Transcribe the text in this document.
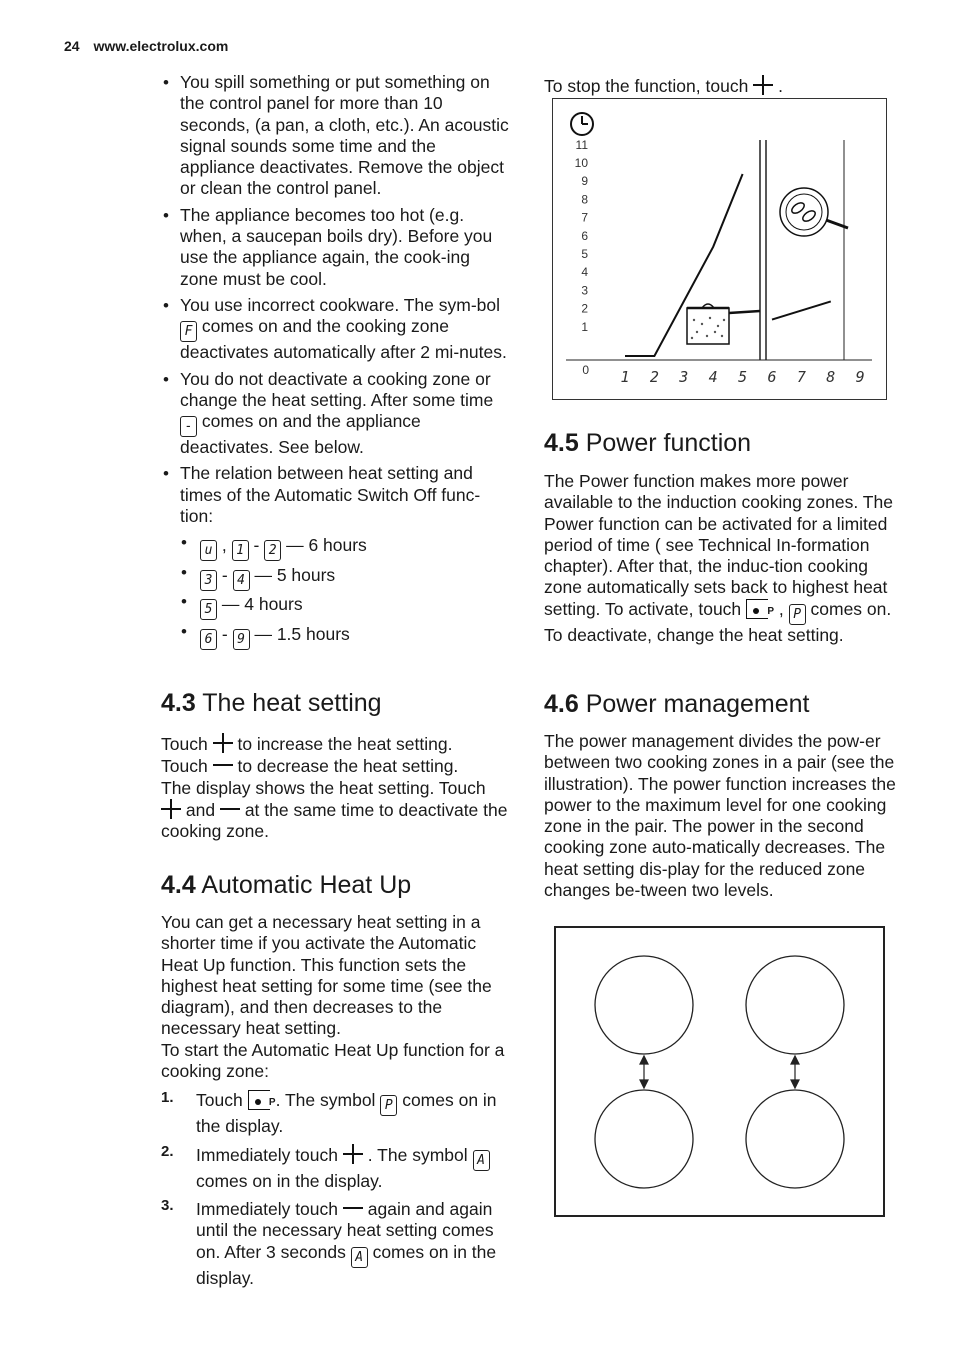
24 www.electrolux.com
• You spill something or put something on the control panel for more than 10 seconds, (a pan, a cloth, etc.). An acoustic signal sounds some time and the appliance deactivates. Remove the object or clean the control panel.
• The appliance becomes too hot (e.g. when, a saucepan boils dry). Before you use the appliance again, the cook-ing zone must be cool.
• You use incorrect cookware. The sym-bol F comes on and the cooking zone deactivates automatically after 2 mi-nutes.
• You do not deactivate a cooking zone or change the heat setting. After some time - comes on and the appliance deactivates. See below.
• The relation between heat setting and times of the Automatic Switch Off func-tion:
• u , 1 - 2 — 6 hours
• 3 - 4 — 5 hours
• 5 — 4 hours
• 6 - 9 — 1.5 hours
4.3 The heat setting

Touch to increase the heat setting.

Touch to decrease the heat setting.

The display shows the heat setting. Touch

and at the same time to deactivate the cooking zone.

4.4 Automatic Heat Up

You can get a necessary heat setting in a shorter time if you activate the Automatic Heat Up function. This function sets the highest heat setting for some time (see the diagram), and then decreases to the necessary heat setting.

To start the Automatic Heat Up function for a cooking zone:

1. Touch P . The symbol P comes on in the display.
2. Immediately touch . The symbol A comes on in the display.
3. Immediately touch again and again until the necessary heat setting comes on. After 3 seconds A comes on in the display.
To stop the function, touch .
11
10
9
8
7
6
5
4
3
2
1
0 1 2 3 4 5 6 7 8 9
4.5 Power function
The Power function makes more power available to the induction cooking zones. The Power function can be activated for a limited period of time ( see Technical In-formation chapter). After that, the induc-tion cooking zone automatically sets back to highest heat setting. To activate, touch P , P comes on. To deactivate, change the heat setting.
4.6 Power management
The power management divides the pow-er between two cooking zones in a pair (see the illustration). The power function increases the power to the maximum level for one cooking zone in the pair. The power in the second cooking zone auto-matically decreases. The heat setting dis-play for the reduced zone changes be-tween two levels.
